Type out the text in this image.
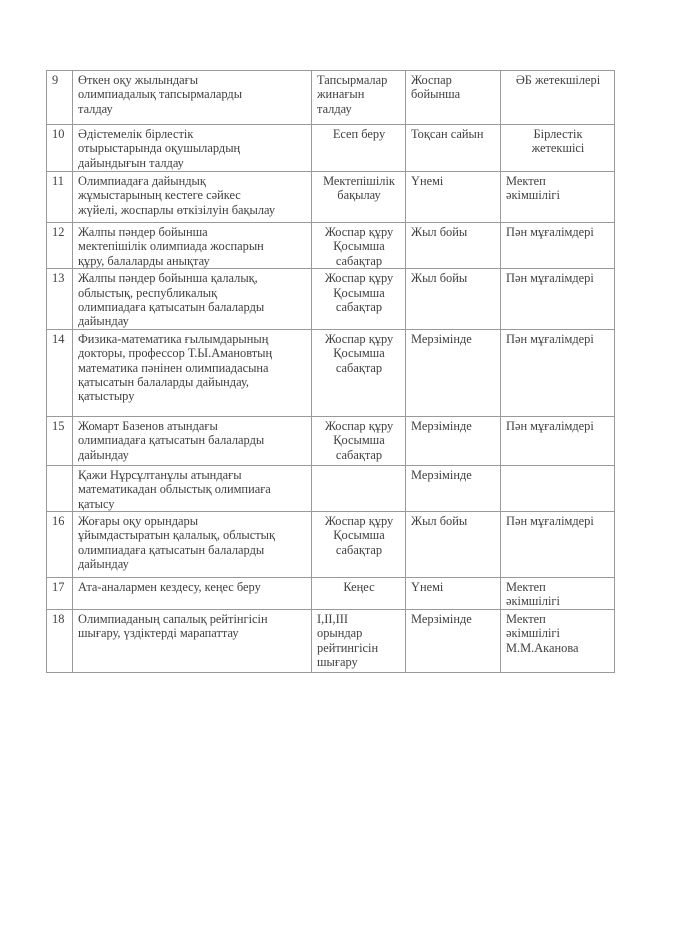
9	Өткен оқу жылындағы
олимпиадалық тапсырмаларды
талдау	Тапсырмалар
жинағын
талдау	Жоспар
бойынша	ӘБ жетекшілері

10	Әдістемелік бірлестік
отырыстарында оқушылардың
дайындығын талдау	Есеп беру	Тоқсан сайын	Бірлестік
жетекшісі

11	Олимпиадаға дайындық
жұмыстарының кестеге сәйкес
жүйелі, жоспарлы өткізілуін бақылау	Мектепішілік
бақылау	Үнемі	Мектеп
әкімшілігі

12	Жалпы пәндер бойынша
мектепішілік олимпиада жоспарын
құру, балаларды анықтау	Жоспар құру
Қосымша
сабақтар	Жыл бойы	Пән мұғалімдері

13	Жалпы пәндер бойынша қалалық,
облыстық, республикалық
олимпиадаға қатысатын балаларды
дайындау	Жоспар құру
Қосымша
сабақтар	Жыл бойы	Пән мұғалімдері

14	Физика-математика ғылымдарының
докторы, профессор Т.Ы.Амановтың
математика пәнінен олимпиадасына
қатысатын балаларды дайындау,
қатыстыру	Жоспар құру
Қосымша
сабақтар	Мерзімінде	Пән мұғалімдері

15	Жомарт Базенов атындағы
олимпиадаға қатысатын балаларды
дайындау	Жоспар құру
Қосымша
сабақтар	Мерзімінде	Пән мұғалімдері

	Қажи Нұрсұлтанұлы атындағы
математикадан облыстық олимпиаға
қатысу		Мерзімінде	

16	Жоғары оқу орындары
ұйымдастыратын қалалық, облыстық
олимпиадаға қатысатын балаларды
дайындау	Жоспар құру
Қосымша
сабақтар	Жыл бойы	Пән мұғалімдері

17	Ата-аналармен кездесу, кеңес беру	Кеңес	Үнемі	Мектеп
әкімшілігі

18	Олимпиаданың сапалық рейтінгісін
шығару, үздіктерді марапаттау	I,II,III
орындар
рейтингісін
шығару	Мерзімінде	Мектеп
әкімшілігі
М.М.Аканова
